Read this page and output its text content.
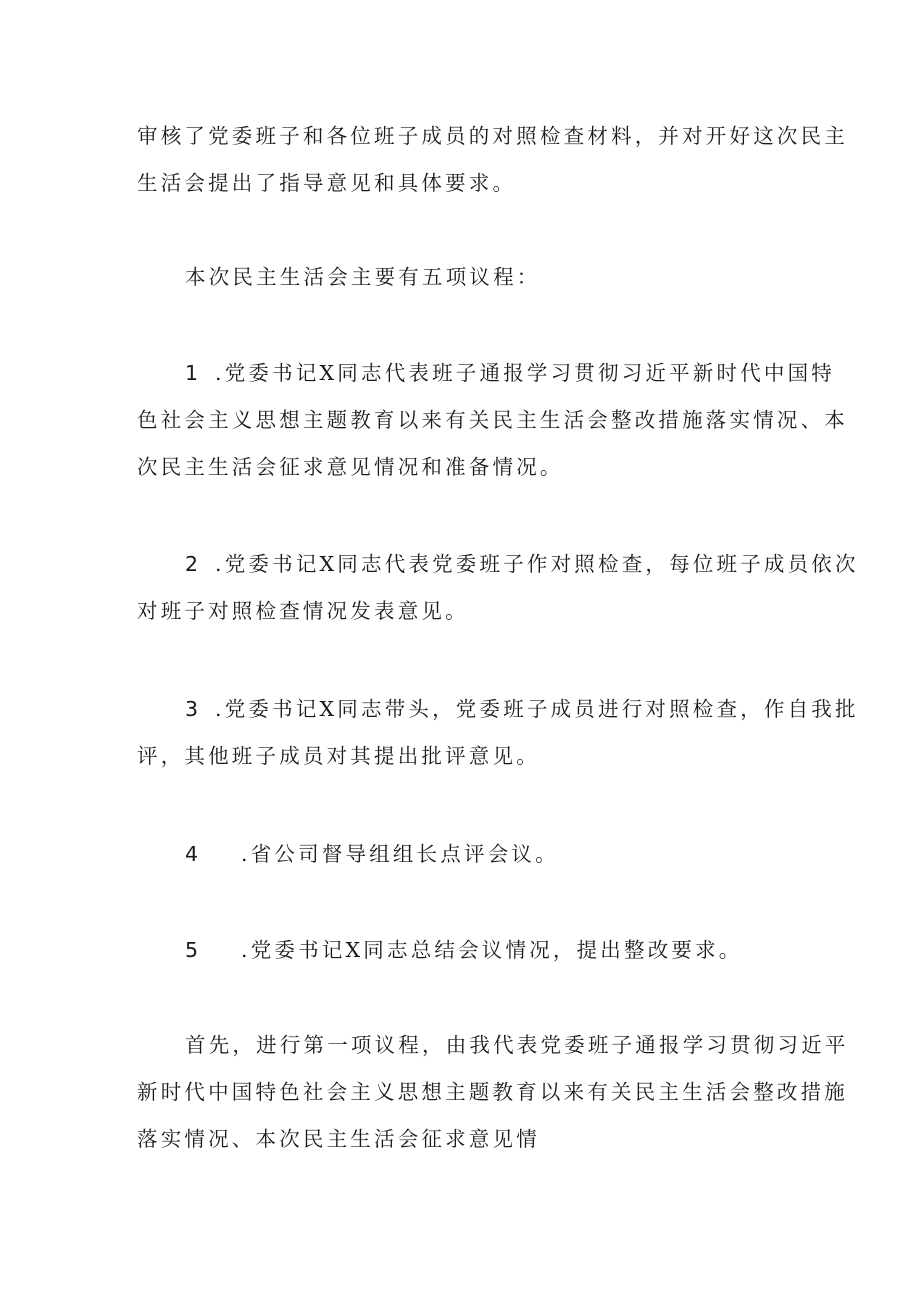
审核了党委班子和各位班子成员的对照检查材料，并对开好这次民主
生活会提出了指导意见和具体要求。

本次民主生活会主要有五项议程：

1 .党委书记X同志代表班子通报学习贯彻习近平新时代中国特
色社会主义思想主题教育以来有关民主生活会整改措施落实情况、本
次民主生活会征求意见情况和准备情况。

2 .党委书记X同志代表党委班子作对照检查，每位班子成员依次
对班子对照检查情况发表意见。

3 .党委书记X同志带头，党委班子成员进行对照检查，作自我批
评，其他班子成员对其提出批评意见。

4 .省公司督导组组长点评会议。

5 .党委书记X同志总结会议情况，提出整改要求。

首先，进行第一项议程，由我代表党委班子通报学习贯彻习近平
新时代中国特色社会主义思想主题教育以来有关民主生活会整改措施
落实情况、本次民主生活会征求意见情
